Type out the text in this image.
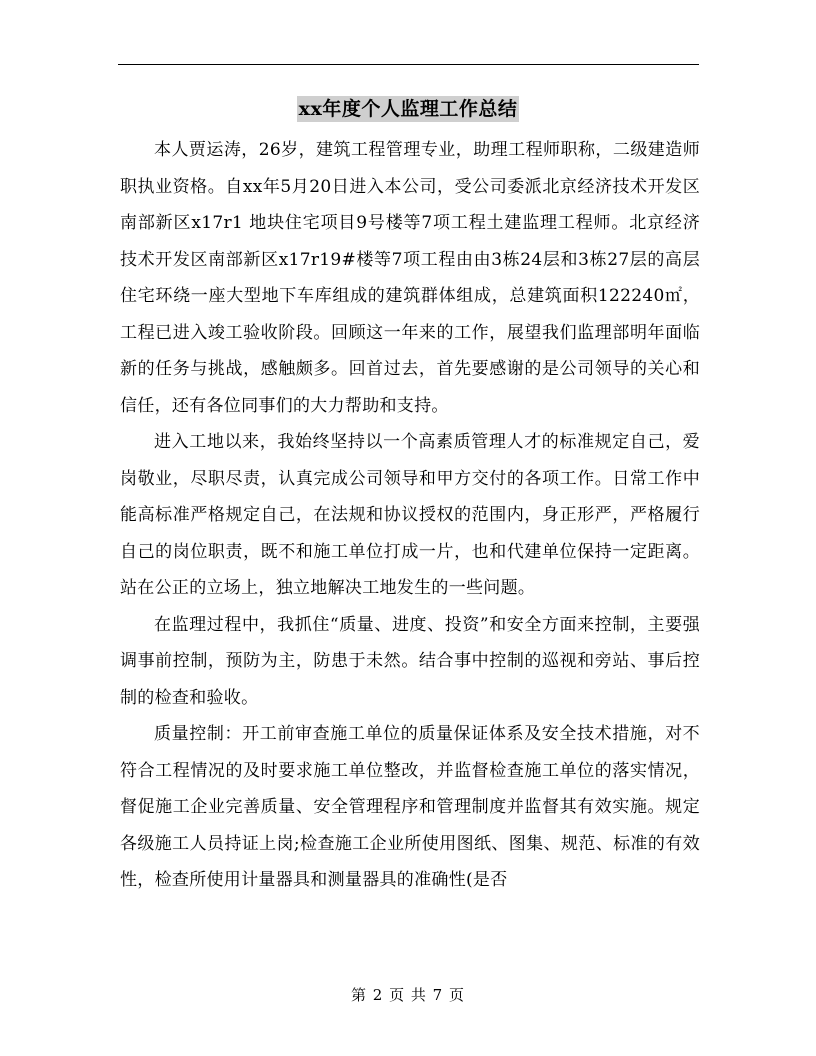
xx年度个人监理工作总结

本人贾运涛，26岁，建筑工程管理专业，助理工程师职称，二级建造师职执业资格。自xx年5月20日进入本公司，受公司委派北京经济技术开发区南部新区x17r1 地块住宅项目9号楼等7项工程土建监理工程师。北京经济技术开发区南部新区x17r19#楼等7项工程由由3栋24层和3栋27层的高层住宅环绕一座大型地下车库组成的建筑群体组成，总建筑面积122240㎡，工程已进入竣工验收阶段。回顾这一年来的工作，展望我们监理部明年面临新的任务与挑战，感触颇多。回首过去，首先要感谢的是公司领导的关心和信任，还有各位同事们的大力帮助和支持。

进入工地以来，我始终坚持以一个高素质管理人才的标准规定自己，爱岗敬业，尽职尽责，认真完成公司领导和甲方交付的各项工作。日常工作中能高标准严格规定自己，在法规和协议授权的范围内，身正形严，严格履行自己的岗位职责，既不和施工单位打成一片，也和代建单位保持一定距离。站在公正的立场上，独立地解决工地发生的一些问题。

在监理过程中，我抓住“质量、进度、投资”和安全方面来控制，主要强调事前控制，预防为主，防患于未然。结合事中控制的巡视和旁站、事后控制的检查和验收。

质量控制：开工前审查施工单位的质量保证体系及安全技术措施，对不符合工程情况的及时要求施工单位整改，并监督检查施工单位的落实情况，督促施工企业完善质量、安全管理程序和管理制度并监督其有效实施。规定各级施工人员持证上岗;检查施工企业所使用图纸、图集、规范、标准的有效性，检查所使用计量器具和测量器具的准确性(是否

第 2 页 共 7 页
